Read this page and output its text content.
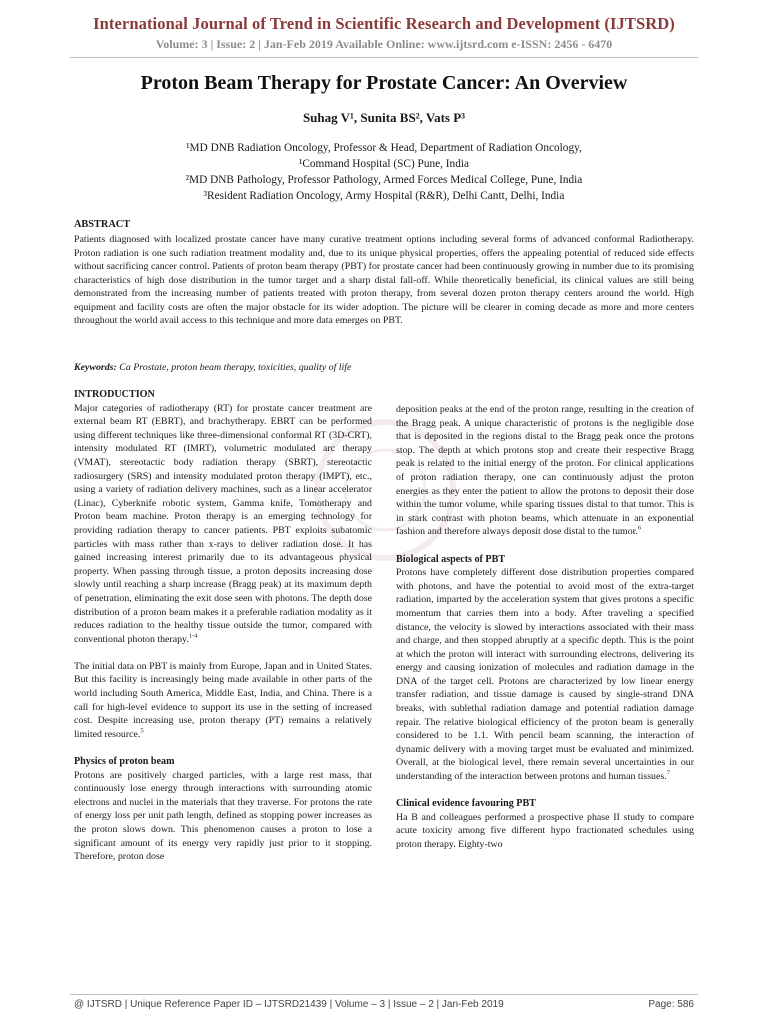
International Journal of Trend in Scientific Research and Development (IJTSRD)
Volume: 3 | Issue: 2 | Jan-Feb 2019 Available Online: www.ijtsrd.com e-ISSN: 2456 - 6470
Proton Beam Therapy for Prostate Cancer: An Overview
Suhag V¹, Sunita BS², Vats P³
¹MD DNB Radiation Oncology, Professor & Head, Department of Radiation Oncology,
¹Command Hospital (SC) Pune, India
²MD DNB Pathology, Professor Pathology, Armed Forces Medical College, Pune, India
³Resident Radiation Oncology, Army Hospital (R&R), Delhi Cantt, Delhi, India
ABSTRACT
Patients diagnosed with localized prostate cancer have many curative treatment options including several forms of advanced conformal Radiotherapy. Proton radiation is one such radiation treatment modality and, due to its unique physical properties, offers the appealing potential of reduced side effects without sacrificing cancer control. Patients of proton beam therapy (PBT) for prostate cancer had been continuously growing in number due to its promising characteristics of high dose distribution in the tumor target and a sharp distal fall-off. While theoretically beneficial, its clinical values are still being demonstrated from the increasing number of patients treated with proton therapy, from several dozen proton therapy centers around the world. High equipment and facility costs are often the major obstacle for its wider adoption. The picture will be clearer in coming decade as more and more centers throughout the world avail access to this technique and more data emerges on PBT.
Keywords: Ca Prostate, proton beam therapy, toxicities, quality of life
INTRODUCTION

Major categories of radiotherapy (RT) for prostate cancer treatment are external beam RT (EBRT), and brachytherapy. EBRT can be performed using different techniques like three-dimensional conformal RT (3D-CRT), intensity modulated RT (IMRT), volumetric modulated arc therapy (VMAT), stereotactic body radiation therapy (SBRT), stereotactic radiosurgery (SRS) and intensity modulated proton therapy (IMPT), etc., using a variety of radiation delivery machines, such as a linear accelerator (Linac), Cyberknife robotic system, Gamma knife, Tomotherapy and Proton beam machine. Proton therapy is an emerging technology for providing radiation therapy to cancer patients. PBT exploits subatomic particles with mass rather than x-rays to deliver radiation dose. It has gained increasing interest primarily due to its advantageous physical property. When passing through tissue, a proton deposits increasing dose slowly until reaching a sharp increase (Bragg peak) at its maximum depth of penetration, eliminating the exit dose seen with photons. The depth dose distribution of a proton beam makes it a preferable radiation modality as it reduces radiation to the healthy tissue outside the tumor, compared with conventional photon therapy.$^{1-4}$

The initial data on PBT is mainly from Europe, Japan and in United States. But this facility is increasingly being made available in other parts of the world including South America, Middle East, India, and China. There is a call for high-level evidence to support its use in the setting of increased cost. Despite increasing use, proton therapy (PT) remains a relatively limited resource.$^5$

Physics of proton beam

Protons are positively charged particles, with a large rest mass, that continuously lose energy through interactions with surrounding atomic electrons and nuclei in the materials that they traverse. For protons the rate of energy loss per unit path length, defined as stopping power increases as the proton slows down. This phenomenon causes a proton to lose a significant amount of its energy very rapidly just prior to it stopping. Therefore, proton dose

deposition peaks at the end of the proton range, resulting in the creation of the Bragg peak. A unique characteristic of protons is the negligible dose that is deposited in the regions distal to the Bragg peak once the protons stop. The depth at which protons stop and create their respective Bragg peak is related to the initial energy of the proton. For clinical applications of proton radiation therapy, one can continuously adjust the proton energies as they enter the patient to allow the protons to deposit their dose within the tumor volume, while sparing tissues distal to that tumor. This is in stark contrast with photon beams, which attenuate in an exponential fashion and therefore always deposit dose distal to the tumor.$^6$

Biological aspects of PBT

Protons have completely different dose distribution properties compared with photons, and have the potential to avoid most of the extra-target radiation, imparted by the acceleration system that gives protons a specific momentum that carries them into a body. After traveling a specified distance, the velocity is slowed by interactions associated with their mass and charge, and then stopped abruptly at a specific depth. This is the point at which the proton will interact with surrounding electrons, delivering its energy and causing ionization of molecules and radiation damage in the DNA of the target cell. Protons are characterized by low linear energy transfer radiation, and tissue damage is caused by single-strand DNA breaks, with sublethal radiation damage and potential radiation damage repair. The relative biological efficiency of the proton beam is generally considered to be 1.1. With pencil beam scanning, the interaction of dynamic delivery with a moving target must be evaluated and minimized. Overall, at the biological level, there remain several uncertainties in our understanding of the interaction between protons and human tissues.$^7$

Clinical evidence favouring PBT

Ha B and colleagues performed a prospective phase II study to compare acute toxicity among five different hypo fractionated schedules using proton therapy. Eighty-two

@ IJTSRD | Unique Reference Paper ID – IJTSRD21439 | Volume – 3 | Issue – 2 | Jan-Feb 2019	Page: 586
